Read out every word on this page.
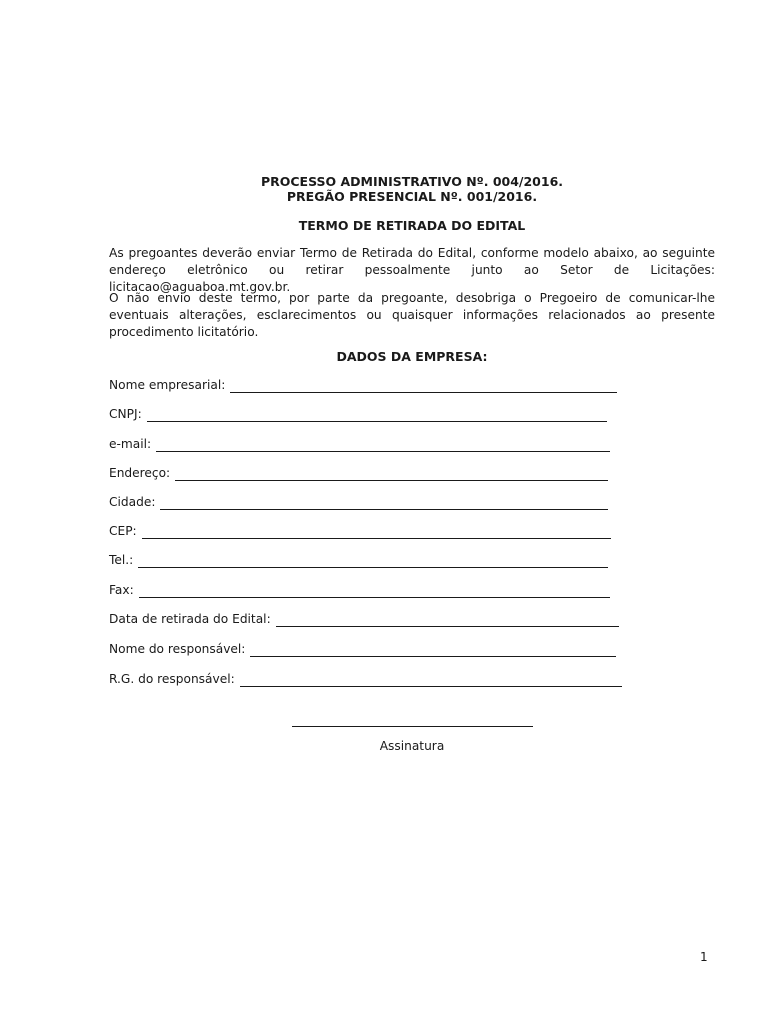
PROCESSO ADMINISTRATIVO Nº. 004/2016.
PREGÃO PRESENCIAL Nº. 001/2016.
TERMO DE RETIRADA DO EDITAL
As pregoantes deverão enviar Termo de Retirada do Edital, conforme modelo abaixo, ao seguinte endereço eletrônico ou retirar pessoalmente junto ao Setor de Licitações: licitacao@aguaboa.mt.gov.br.
O não envio deste termo, por parte da pregoante, desobriga o Pregoeiro de comunicar-lhe eventuais alterações, esclarecimentos ou quaisquer informações relacionados ao presente procedimento licitatório.
DADOS DA EMPRESA:
Nome empresarial:
CNPJ:
e-mail:
Endereço:
Cidade:
CEP:
Tel.:
Fax:
Data de retirada do Edital:
Nome do responsável:
R.G. do responsável:
Assinatura
1
